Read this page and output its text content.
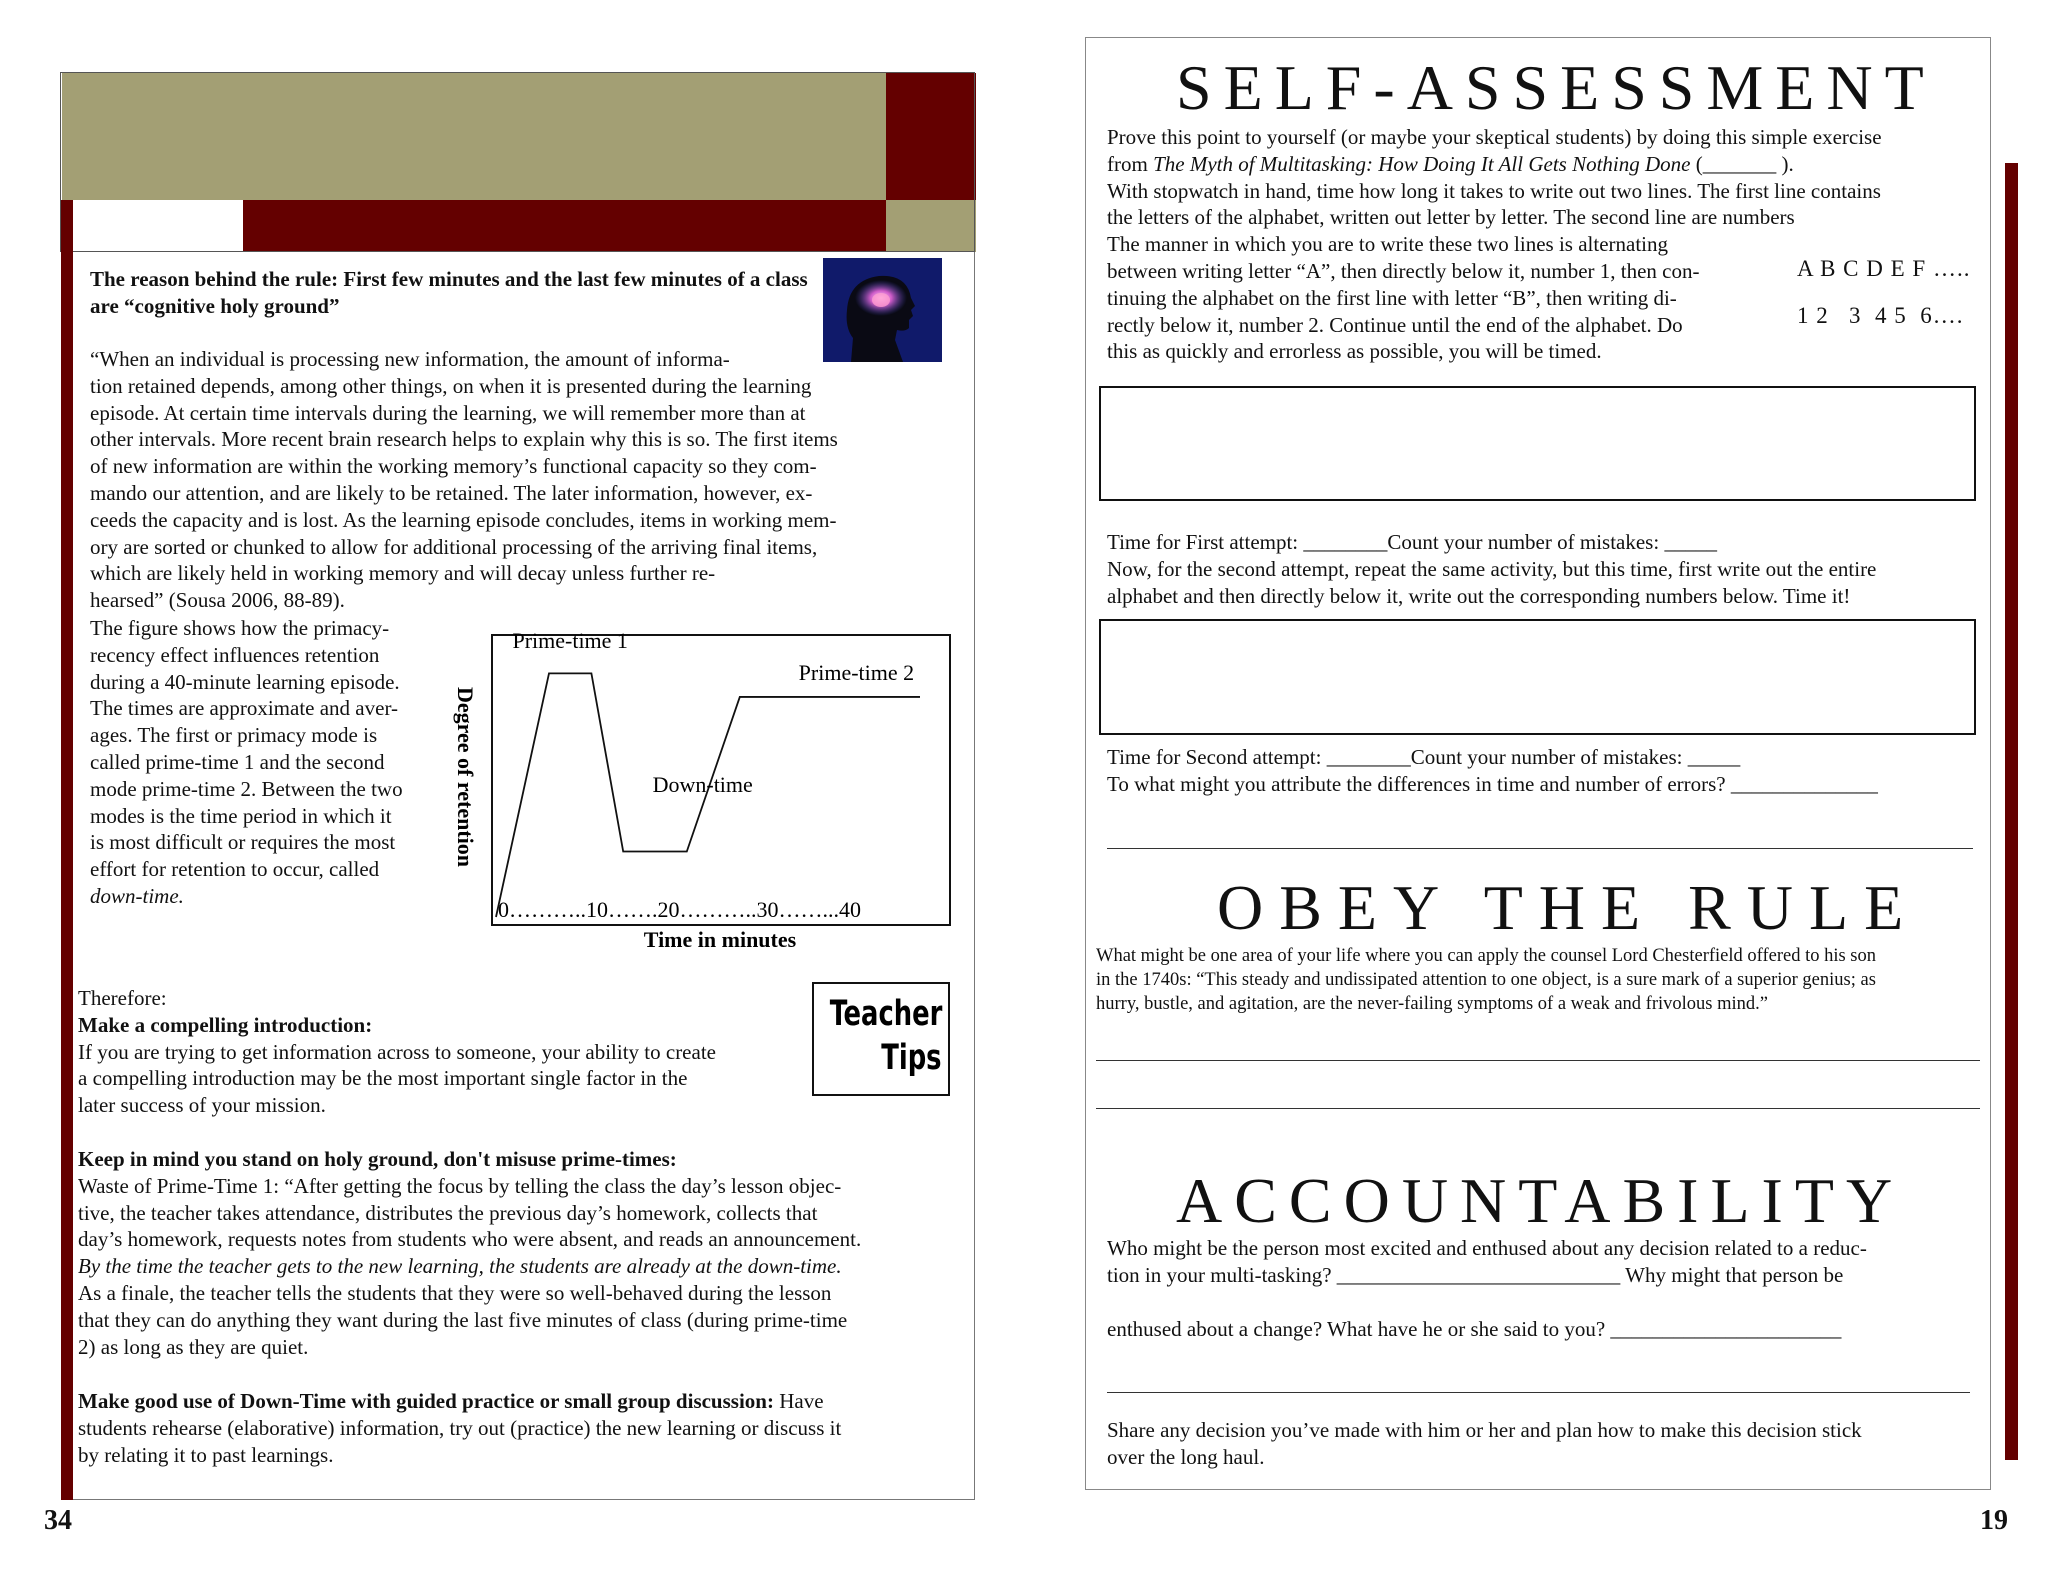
The reason behind the rule: First few minutes and the last few minutes of a class are “cognitive holy ground”

“When an individual is processing new information, the amount of informa-

tion retained depends, among other things, on when it is presented during the learning

episode. At certain time intervals during the learning, we will remember more than at

other intervals. More recent brain research helps to explain why this is so. The first items

of new information are within the working memory’s functional capacity so they com-

mando our attention, and are likely to be retained. The later information, however, ex-

ceeds the capacity and is lost. As the learning episode concludes, items in working mem-

ory are sorted or chunked to allow for additional processing of the arriving final items,

which are likely held in working memory and will decay unless further re-

hearsed” (Sousa 2006, 88-89).

The figure shows how the primacy-

recency effect influences retention

during a 40-minute learning episode.

The times are approximate and aver-

ages. The first or primacy mode is

called prime-time 1 and the second

mode prime-time 2. Between the two

modes is the time period in which it

is most difficult or requires the most

effort for retention to occur, called

down-time.

Prime-time 1
Down-time
Prime-time 2
0………..10…….20………..30……...40
Time in minutes
Degree of retention
Teacher
Tips

Therefore:

Make a compelling introduction:

If you are trying to get information across to someone, your ability to create

a compelling introduction may be the most important single factor in the

later success of your mission.

Keep in mind you stand on holy ground, don't misuse prime-times:

Waste of Prime-Time 1: “After getting the focus by telling the class the day’s lesson objec-

tive, the teacher takes attendance, distributes the previous day’s homework, collects that

day’s homework, requests notes from students who were absent, and reads an announcement.

By the time the teacher gets to the new learning, the students are already at the down-time.

As a finale, the teacher tells the students that they were so well-behaved during the lesson

that they can do anything they want during the last five minutes of class (during prime-time

2) as long as they are quiet.

Make good use of Down-Time with guided practice or small group discussion: Have

students rehearse (elaborative) information, try out (practice) the new learning or discuss it

by relating it to past learnings.

34
SELF-ASSESSMENT

Prove this point to yourself (or maybe your skeptical students) by doing this simple exercise

from The Myth of Multitasking: How Doing It All Gets Nothing Done (_______ ).

With stopwatch in hand, time how long it takes to write out two lines. The first line contains

the letters of the alphabet, written out letter by letter. The second line are numbers

The manner in which you are to write these two lines is alternating

between writing letter “A”, then directly below it, number 1, then con-

tinuing the alphabet on the first line with letter “B”, then writing di-

rectly below it, number 2. Continue until the end of the alphabet. Do

this as quickly and errorless as possible, you will be timed.

A B C D E F …..
1 2   3  4 5  6….
Time for First attempt: ________Count your number of mistakes: _____

Now, for the second attempt, repeat the same activity, but this time, first write out the entire

alphabet and then directly below it, write out the corresponding numbers below. Time it!

Time for Second attempt: ________Count your number of mistakes: _____
To what might you attribute the differences in time and number of errors? ______________
OBEY THE RULE

What might be one area of your life where you can apply the counsel Lord Chesterfield offered to his son

in the 1740s: “This steady and undissipated attention to one object, is a sure mark of a superior genius; as

hurry, bustle, and agitation, are the never-failing symptoms of a weak and frivolous mind.”

ACCOUNTABILITY

Who might be the person most excited and enthused about any decision related to a reduc-

tion in your multi-tasking? ___________________________ Why might that person be

enthused about a change? What have he or she said to you? ______________________

Share any decision you’ve made with him or her and plan how to make this decision stick

over the long haul.

19
